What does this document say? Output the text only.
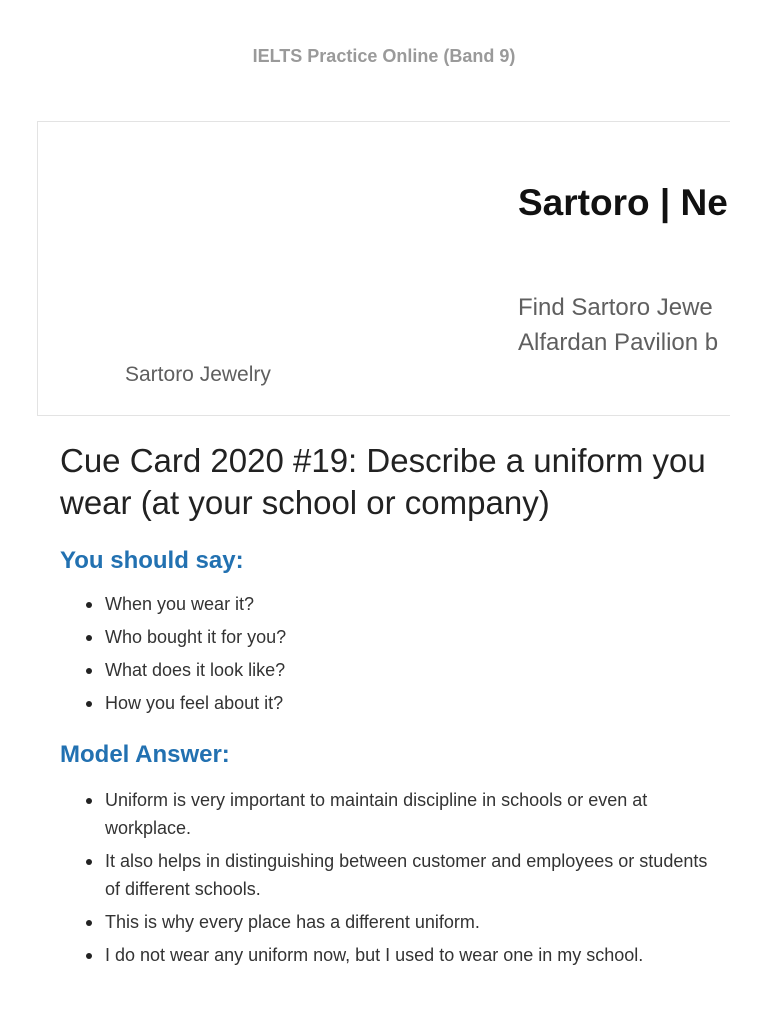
IELTS Practice Online (Band 9)
Sartoro | Ne
Find Sartoro Jewe
Alfardan Pavilion b
Sartoro Jewelry
Cue Card 2020 #19: Describe a uniform you wear (at your school or company)
You should say:
When you wear it?
Who bought it for you?
What does it look like?
How you feel about it?
Model Answer:
Uniform is very important to maintain discipline in schools or even at workplace.
It also helps in distinguishing between customer and employees or students of different schools.
This is why every place has a different uniform.
I do not wear any uniform now, but I used to wear one in my school.
